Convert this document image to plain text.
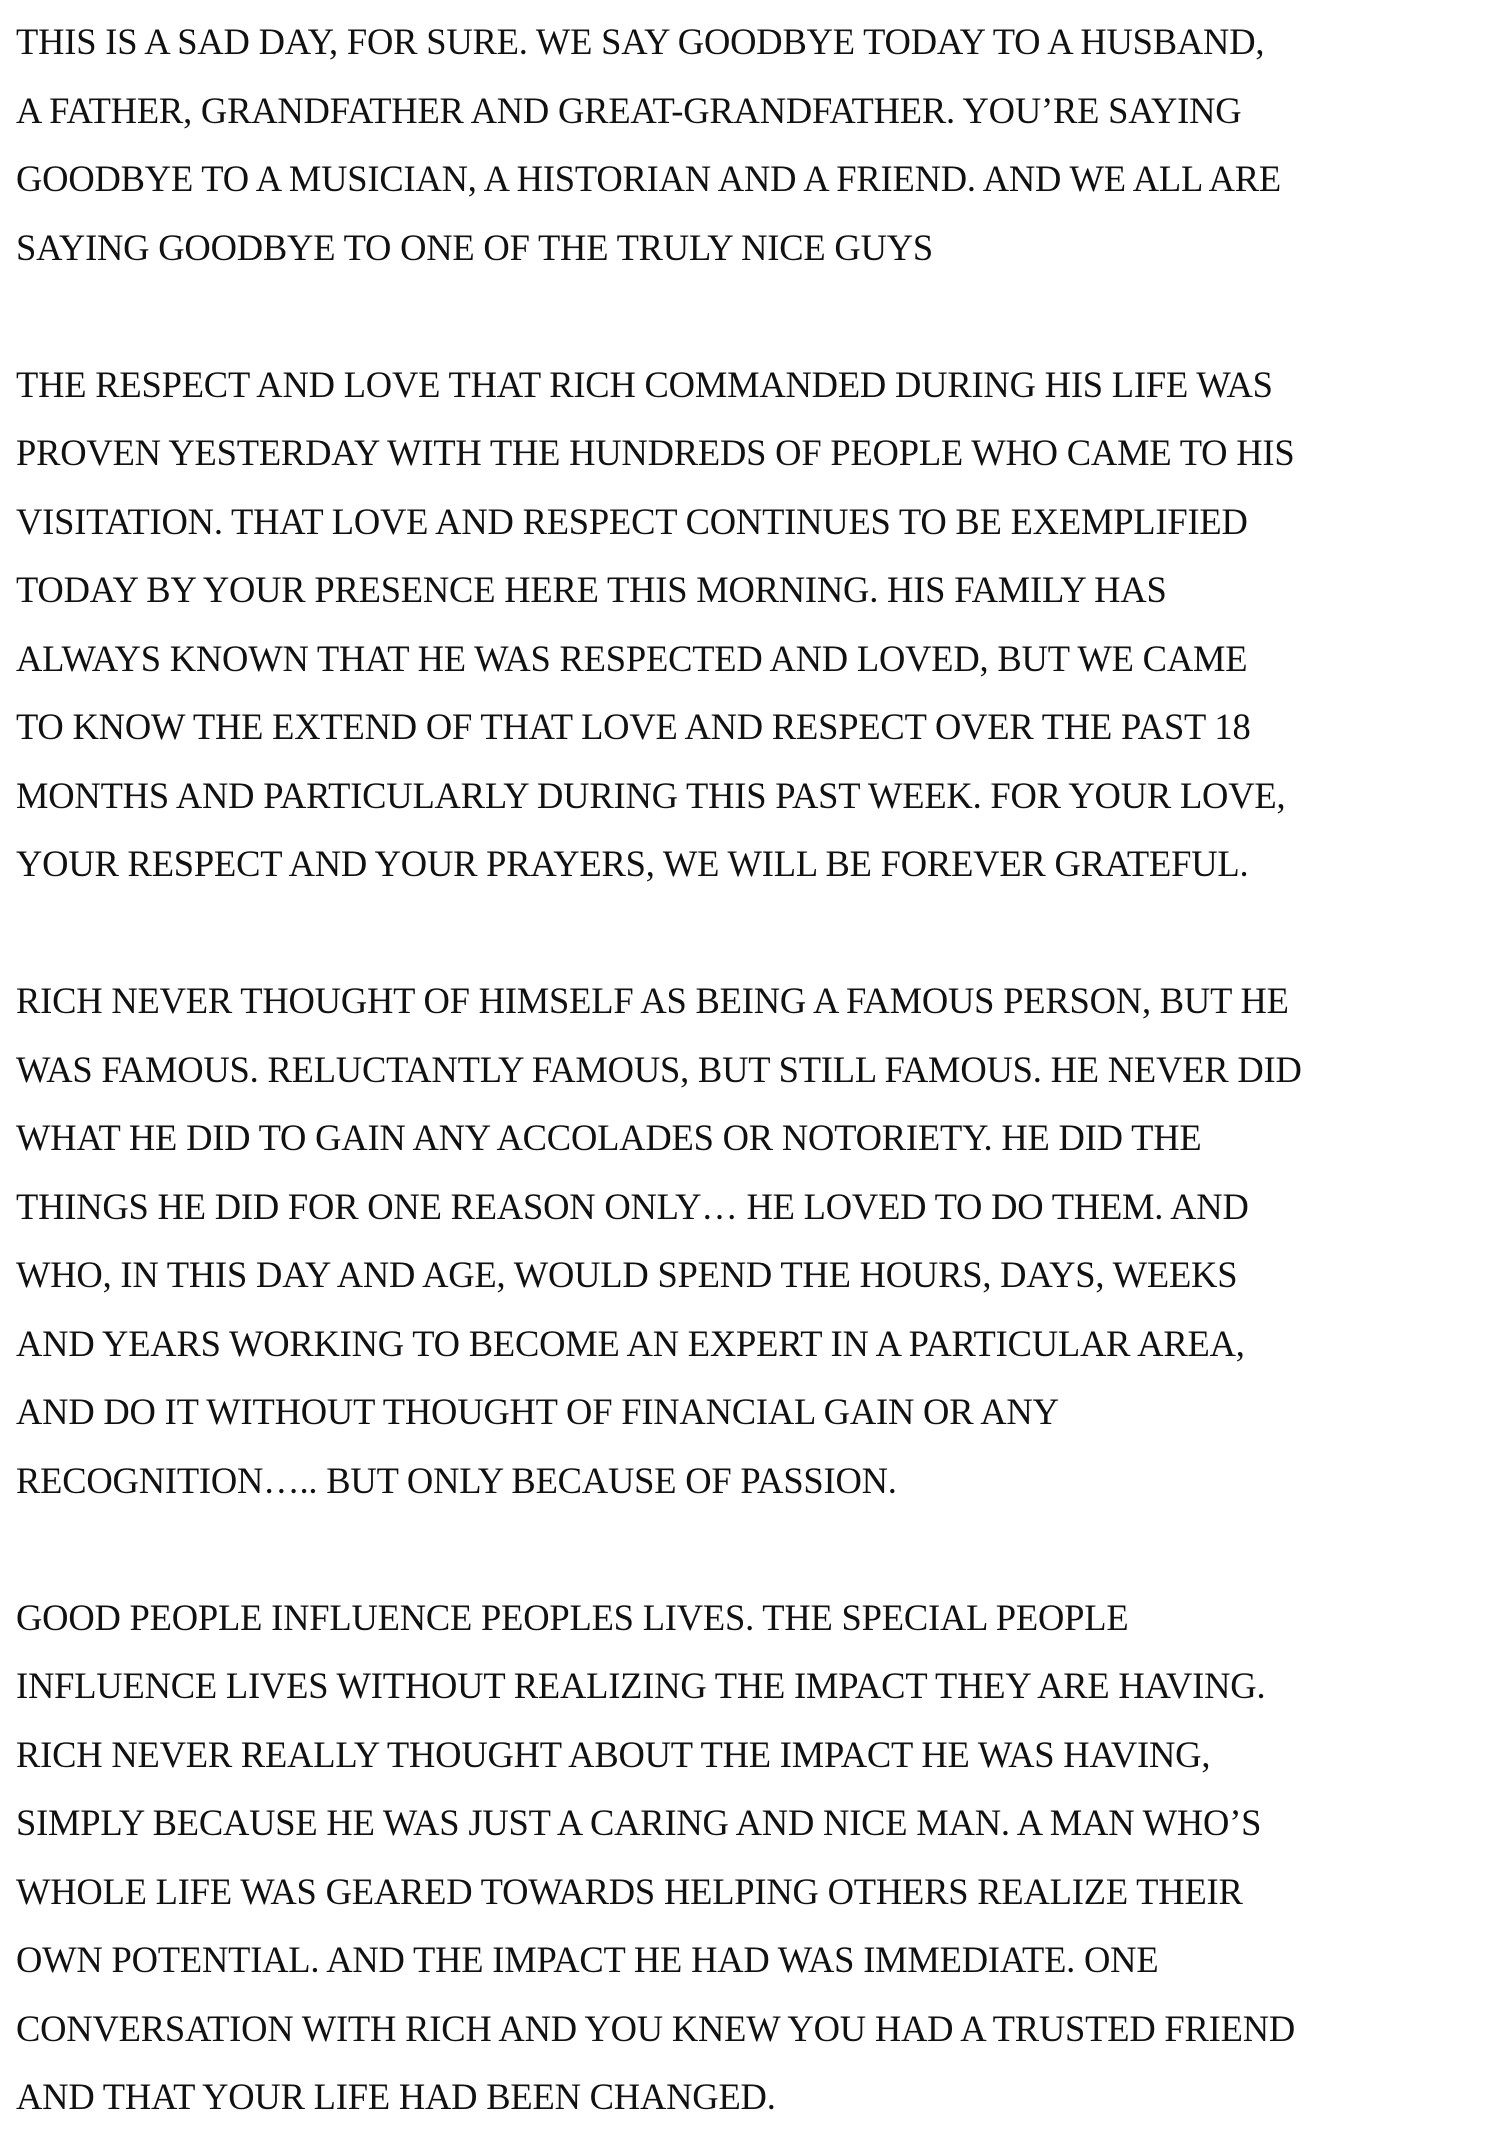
THIS IS A SAD DAY, FOR SURE. WE SAY GOODBYE TODAY TO A HUSBAND,
A FATHER, GRANDFATHER AND GREAT-GRANDFATHER. YOU’RE SAYING
GOODBYE TO A MUSICIAN, A HISTORIAN AND A FRIEND. AND WE ALL ARE
SAYING GOODBYE TO ONE OF THE TRULY NICE GUYS
THE RESPECT AND LOVE THAT RICH COMMANDED DURING HIS LIFE WAS
PROVEN YESTERDAY WITH THE HUNDREDS OF PEOPLE WHO CAME TO HIS
VISITATION. THAT LOVE AND RESPECT CONTINUES TO BE EXEMPLIFIED
TODAY BY YOUR PRESENCE HERE THIS MORNING. HIS FAMILY HAS
ALWAYS KNOWN THAT HE WAS RESPECTED AND LOVED, BUT WE CAME
TO KNOW THE EXTEND OF THAT LOVE AND RESPECT OVER THE PAST 18
MONTHS AND PARTICULARLY DURING THIS PAST WEEK. FOR YOUR LOVE,
YOUR RESPECT AND YOUR PRAYERS, WE WILL BE FOREVER GRATEFUL.
RICH NEVER THOUGHT OF HIMSELF AS BEING A FAMOUS PERSON, BUT HE
WAS FAMOUS. RELUCTANTLY FAMOUS, BUT STILL FAMOUS. HE NEVER DID
WHAT HE DID TO GAIN ANY ACCOLADES OR NOTORIETY. HE DID THE
THINGS HE DID FOR ONE REASON ONLY… HE LOVED TO DO THEM. AND
WHO, IN THIS DAY AND AGE, WOULD SPEND THE HOURS, DAYS, WEEKS
AND YEARS WORKING TO BECOME AN EXPERT IN A PARTICULAR AREA,
AND DO IT WITHOUT THOUGHT OF FINANCIAL GAIN OR ANY
RECOGNITION….. BUT ONLY BECAUSE OF PASSION.
GOOD PEOPLE INFLUENCE PEOPLES LIVES. THE SPECIAL PEOPLE
INFLUENCE LIVES WITHOUT REALIZING THE IMPACT THEY ARE HAVING.
RICH NEVER REALLY THOUGHT ABOUT THE IMPACT HE WAS HAVING,
SIMPLY BECAUSE HE WAS JUST A CARING AND NICE MAN. A MAN WHO’S
WHOLE LIFE WAS GEARED TOWARDS HELPING OTHERS REALIZE THEIR
OWN POTENTIAL. AND THE IMPACT HE HAD WAS IMMEDIATE. ONE
CONVERSATION WITH RICH AND YOU KNEW YOU HAD A TRUSTED FRIEND
AND THAT YOUR LIFE HAD BEEN CHANGED.
